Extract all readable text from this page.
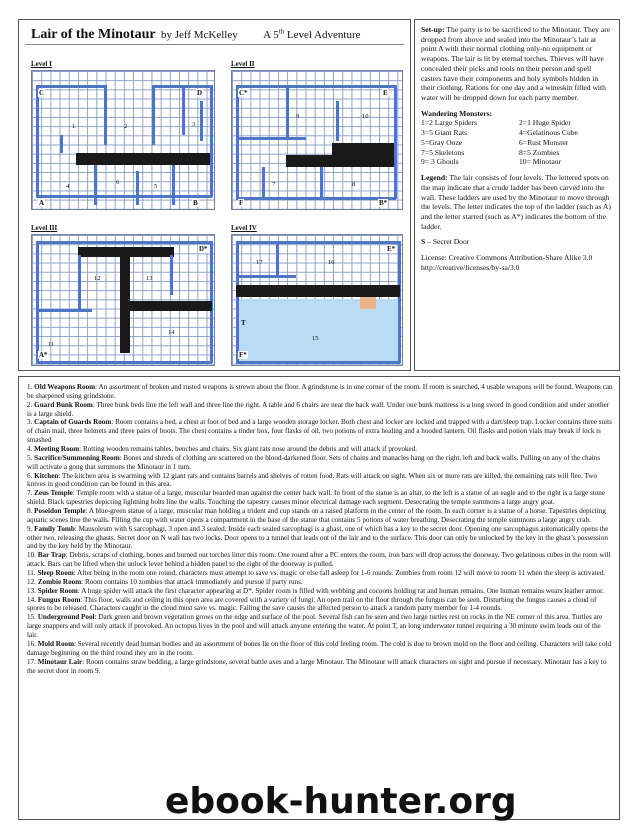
Lair of the Minotaur by Jeff McKelley A 5th Level Adventure
Level I
C	D
A	B
1	2	3
4	5
6
Level II
C*	E
F	B*
7	8
9	10
Level III
D*
A*
11
12	13
14
Level IV
E*
T
F*
15
16
17

Set-up: The party is to be sacrificed to the Minotaur. They are dropped from above and sealed into the Minotaur’s lair at point A with their normal clothing only-no equipment or weapons. The lair is lit by eternal torches. Thieves will have concealed their picks and tools on their person and spell casters have their components and holy symbols hidden in their clothing. Rations for one day and a wineskin filled with water will be dropped down for each party member.

Wandering Monsters:
1=2 Large Spiders	2=1 Huge Spider
3=5 Giant Rats	4=Gelatinous Cube
5=Gray Ooze	6=Rust Monster
7=5 Skeletons	8=5 Zombies
9= 3 Ghouls	10= Minotaur

Legend: The lair consists of four levels. The lettered spots on the map indicate that a crude ladder has been carved into the wall. These ladders are used by the Minotaur to move through the levels. The letter indicates the top of the ladder (such as A) and the letter starred (such as A*) indicates the bottom of the ladder.

S – Secret Door

License: Creative Commons Attribution-Share Alike 3.0 http://creative/licenses/by-sa/3.0

1. Old Weapons Room: An assortment of broken and rusted weapons is strewn about the floor. A grindstone is in one corner of the room. If room is searched, 4 usable weapons will be found. Weapons can be sharpened using grindstone.

2. Guard Bunk Room: Three bunk beds line the left wall and three line the right. A table and 6 chairs are near the back wall. Under one bunk mattress is a long sword in good condition and under another is a large shield.

3. Captain of Guards Room: Room contains a bed, a chest at foot of bed and a large wooden storage locker. Both chest and locker are locked and trapped with a dart/sleep trap. Locker contains three suits of chain mail, three helmets and three pairs of boots. The chest contains a tinder box, four flasks of oil, two potions of extra healing and a hooded lantern. Oil flasks and potion vials may break if lock is smashed

4. Meeting Room: Rotting wooden remains tables, benches and chairs. Six giant rats nose around the debris and will attack if provoked.

5. Sacrifice/Summoning Room: Bones and shreds of clothing are scattered on the blood-darkened floor. Sets of chains and manacles hang on the right, left and back walls. Pulling on any of the chains will activate a gong that summons the Minotaur in 1 turn.

6. Kitchen: The kitchen area is swarming with 12 giant rats and contains barrels and shelves of rotten food. Rats will attack on sight. When six or more rats are killed, the remaining rats will flee. Two knives in good condition can be found in this area.

7. Zeus Temple: Temple room with a statue of a large, muscular bearded man against the center back wall. In front of the statue is an altar, to the left is a statue of an eagle and to the right is a large stone shield. Black tapestries depicting lightning bolts line the walls. Touching the tapestry causes minor electrical damage each segment. Desecrating the temple summons a large angry goat.

8. Poseidon Temple: A blue-green statue of a large, muscular man holding a trident and cup stands on a raised platform in the center of the room. In each corner is a statue of a horse. Tapestries depicting aquatic scenes line the walls. Filling the cup with water opens a compartment in the base of the statue that contains 5 potions of water breathing. Desecrating the temple summons a large angry crab.

9. Family Tomb: Mausoleum with 6 sarcophagi, 3 open and 3 sealed. Inside each sealed sarcophagi is a ghast, one of which has a key to the secret door. Opening one sarcophagus automatically opens the other two, releasing the ghasts. Secret door on N wall has two locks. Door opens to a tunnel that leads out of the lair and to the surface. This door can only be unlocked by the key in the ghast’s possession and by the key held by the Minotaur.

10. Bar Trap: Debris, scraps of clothing, bones and burned out torches litter this room. One round after a PC enters the room, iron bars will drop across the doorway. Two gelatinous cubes in the room will attack. Bars can be lifted when the unlock lever behind a hidden panel to the right of the doorway is pulled.

11. Sleep Room: After being in the room one round, characters must attempt to save vs. magic or else fall asleep for 1-6 rounds. Zombies from room 12 will move to room 11 when the sleep is activated.

12. Zombie Room: Room contains 10 zombies that attack immediately and pursue if party runs.

13. Spider Room: A huge spider will attack the first character appearing at D*. Spider room is filled with webbing and cocoons holding rat and human remains. One human remains wears leather armor.

14. Fungus Room: This floor, walls and ceiling in this open area are covered with a variety of fungi. An open trail on the floor through the fungus can be seen. Disturbing the fungus causes a cloud of spores to be released. Characters caught in the cloud must save vs. magic. Failing the save causes the affected person to attack a random party member for 1-4 rounds.

15. Underground Pool: Dark green and brown vegetation grows on the edge and surface of the pool. Several fish can be seen and two large turtles rest on rocks in the NE corner of this area. Turtles are large snappers and will only attack if provoked. An octopus lives in the pool and will attack anyone entering the water. At point T, an long underwater tunnel requiring a 30 minute swim leads out of the lair.

16. Mold Room: Several recently dead human bodies and an assortment of bones lie on the floor of this cold feeling room. The cold is due to brown mold on the floor and ceiling. Characters will take cold damage beginning on the third round they are in the room.

17. Minotaur Lair: Room contains straw bedding, a large grindstone, several battle axes and a large Minotaur. The Minotaur will attack characters on sight and pursue if necessary. Minotaur has a key to the secret door in room 9.

ebook-hunter.org
